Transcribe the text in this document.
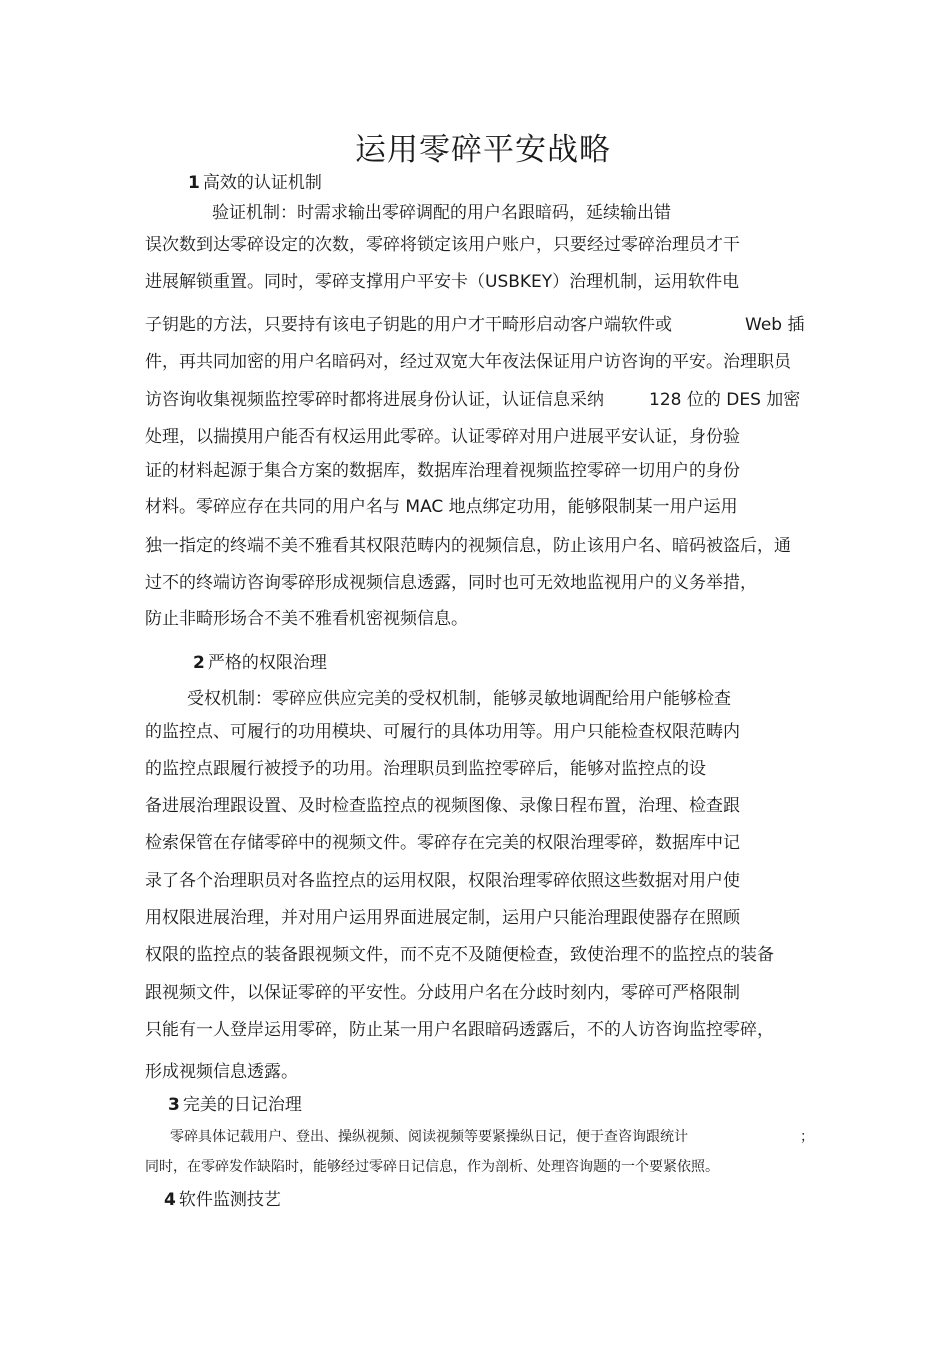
运用零碎平安战略
1 高效的认证机制

验证机制：时需求输出零碎调配的用户名跟暗码，延续输出错

误次数到达零碎设定的次数，零碎将锁定该用户账户，只要经过零碎治理员才干

进展解锁重置。同时，零碎支撑用户平安卡（USBKEY）治理机制，运用软件电

子钥匙的方法，只要持有该电子钥匙的用户才干畸形启动客户端软件或	Web 插

件，再共同加密的用户名暗码对，经过双宽大年夜法保证用户访咨询的平安。治理职员

访咨询收集视频监控零碎时都将进展身份认证，认证信息采纳	128 位的 DES 加密

处理，以揣摸用户能否有权运用此零碎。认证零碎对用户进展平安认证，身份验

证的材料起源于集合方案的数据库，数据库治理着视频监控零碎一切用户的身份

材料。零碎应存在共同的用户名与 MAC 地点绑定功用，能够限制某一用户运用

独一指定的终端不美不雅看其权限范畴内的视频信息，防止该用户名、暗码被盗后，通

过不的终端访咨询零碎形成视频信息透露，同时也可无效地监视用户的义务举措，

防止非畸形场合不美不雅看机密视频信息。

2 严格的权限治理

受权机制：零碎应供应完美的受权机制，能够灵敏地调配给用户能够检查

的监控点、可履行的功用模块、可履行的具体功用等。用户只能检查权限范畴内

的监控点跟履行被授予的功用。治理职员到监控零碎后，能够对监控点的设

备进展治理跟设置、及时检查监控点的视频图像、录像日程布置，治理、检查跟

检索保管在存储零碎中的视频文件。零碎存在完美的权限治理零碎，数据库中记

录了各个治理职员对各监控点的运用权限，权限治理零碎依照这些数据对用户使

用权限进展治理，并对用户运用界面进展定制，运用户只能治理跟使器存在照顾

权限的监控点的装备跟视频文件，而不克不及随便检查，致使治理不的监控点的装备

跟视频文件，以保证零碎的平安性。分歧用户名在分歧时刻内，零碎可严格限制

只能有一人登岸运用零碎，防止某一用户名跟暗码透露后，不的人访咨询监控零碎，

形成视频信息透露。

3 完美的日记治理

零碎具体记载用户、登出、操纵视频、阅读视频等要紧操纵日记，便于查咨询跟统计	；

同时，在零碎发作缺陷时，能够经过零碎日记信息，作为剖析、处理咨询题的一个要紧依照。

4 软件监测技艺
